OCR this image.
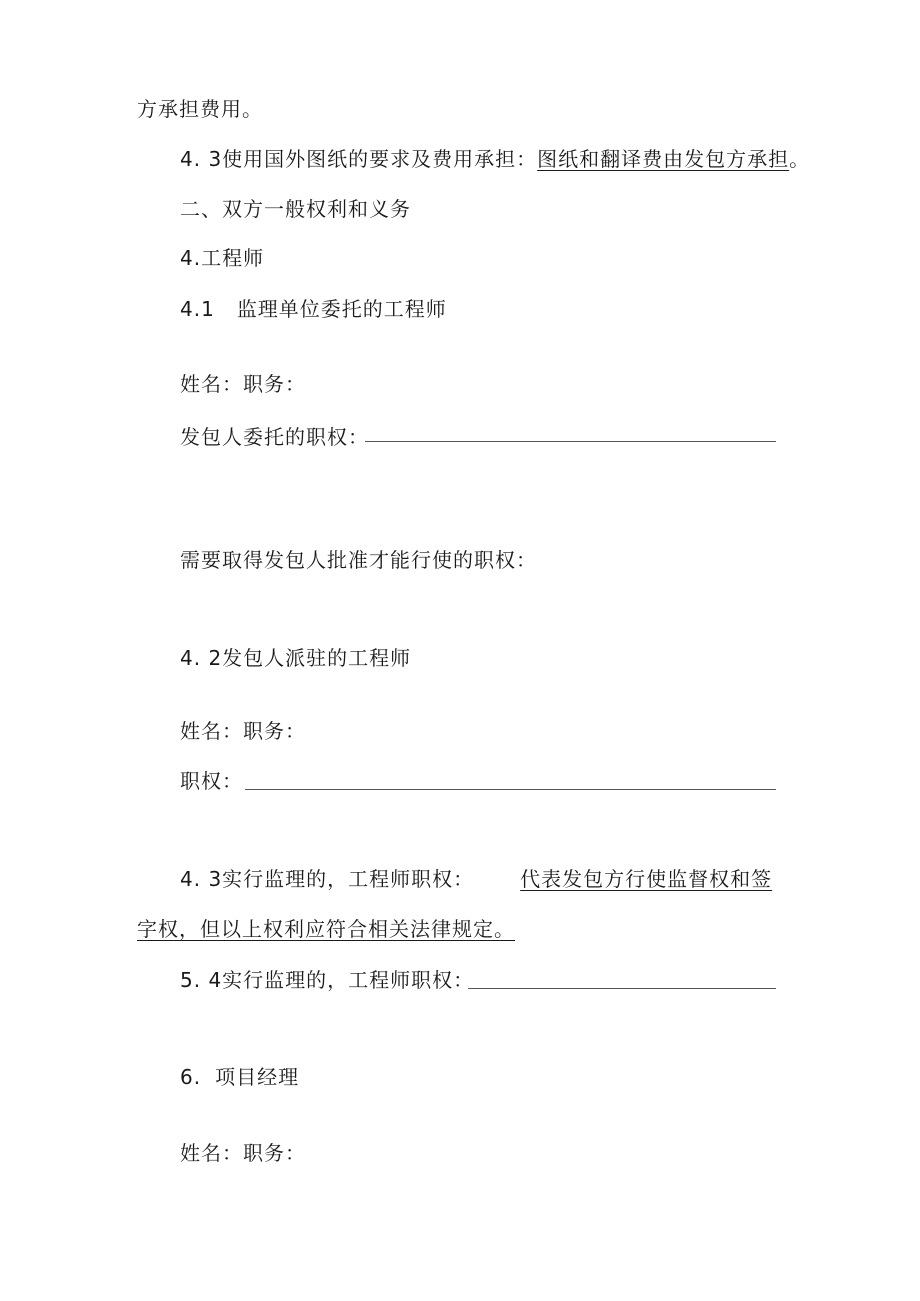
方承担费用。
4. 3使用国外图纸的要求及费用承担：图纸和翻译费由发包方承担。
二、双方一般权利和义务
4.工程师
4.1 监理单位委托的工程师
姓名：职务：
发包人委托的职权：
需要取得发包人批准才能行使的职权：
4. 2发包人派驻的工程师
姓名：职务：
职权：
4. 3实行监理的，工程师职权： 代表发包方行使监督权和签
字权，但以上权利应符合相关法律规定。
5. 4实行监理的，工程师职权：
6. 项目经理
姓名：职务：
